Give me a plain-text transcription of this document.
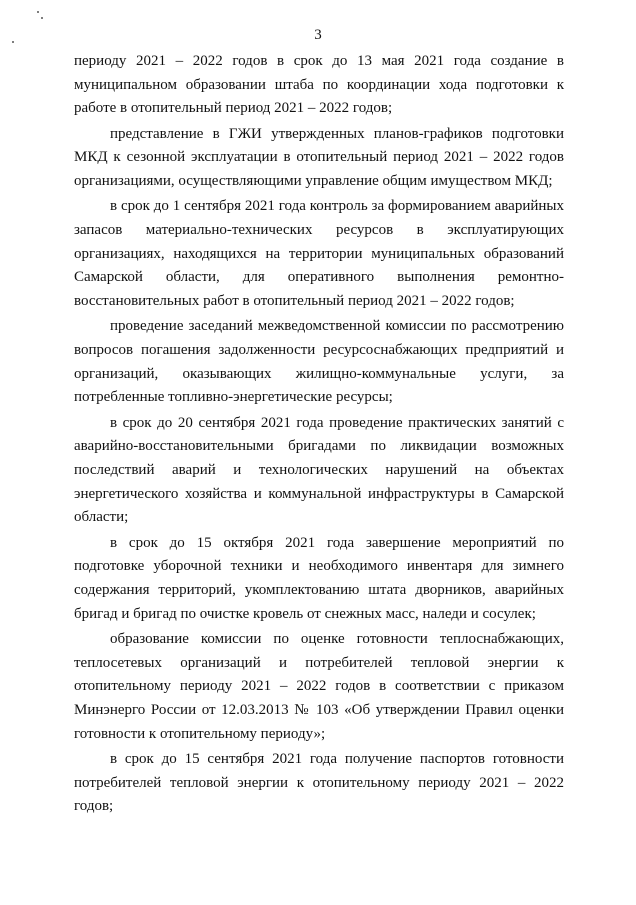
3

периоду 2021 – 2022 годов в срок до 13 мая 2021 года создание в муниципальном образовании штаба по координации хода подготовки к работе в отопительный период 2021 – 2022 годов;

представление в ГЖИ утвержденных планов-графиков подготовки МКД к сезонной эксплуатации в отопительный период 2021 – 2022 годов организациями, осуществляющими управление общим имуществом МКД;

в срок до 1 сентября 2021 года контроль за формированием аварийных запасов материально-технических ресурсов в эксплуатирующих организациях, находящихся на территории муниципальных образований Самарской области, для оперативного выполнения ремонтно-восстановительных работ в отопительный период 2021 – 2022 годов;

проведение заседаний межведомственной комиссии по рассмотрению вопросов погашения задолженности ресурсоснабжающих предприятий и организаций, оказывающих жилищно-коммунальные услуги, за потребленные топливно-энергетические ресурсы;

в срок до 20 сентября 2021 года проведение практических занятий с аварийно-восстановительными бригадами по ликвидации возможных последствий аварий и технологических нарушений на объектах энергетического хозяйства и коммунальной инфраструктуры в Самарской области;

в срок до 15 октября 2021 года завершение мероприятий по подготовке уборочной техники и необходимого инвентаря для зимнего содержания территорий, укомплектованию штата дворников, аварийных бригад и бригад по очистке кровель от снежных масс, наледи и сосулек;

образование комиссии по оценке готовности теплоснабжающих, теплосетевых организаций и потребителей тепловой энергии к отопительному периоду 2021 – 2022 годов в соответствии с приказом Минэнерго России от 12.03.2013 № 103 «Об утверждении Правил оценки готовности к отопительному периоду»;

в срок до 15 сентября 2021 года получение паспортов готовности потребителей тепловой энергии к отопительному периоду 2021 – 2022 годов;
